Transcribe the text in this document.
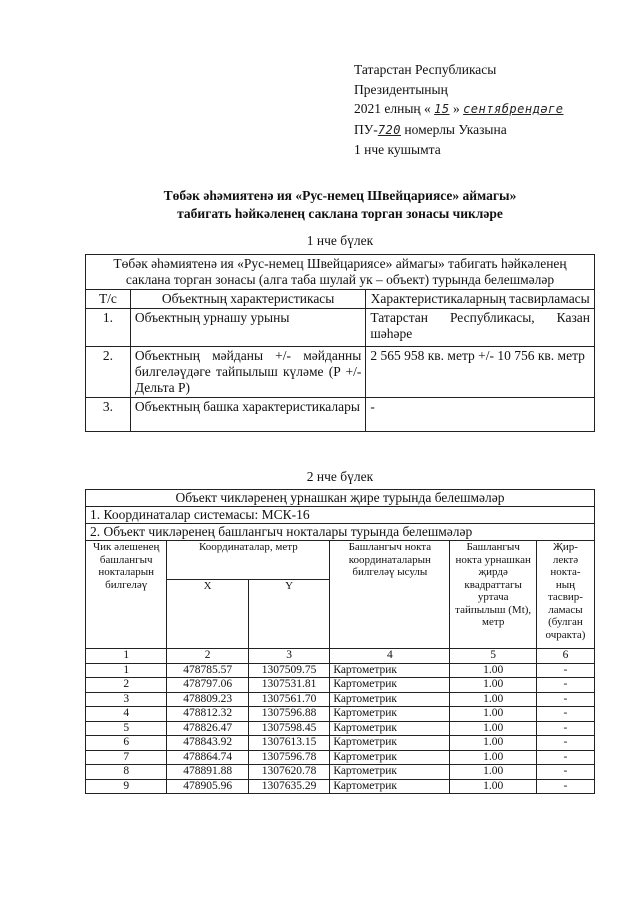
Татарстан Республикасы
Президентының
2021 елның « 15 » сентябрендәге
ПУ-720 номерлы Указына
1 нче кушымта
Төбәк әһәмиятенә ия «Рус-немец Швейцариясе» аймагы»
табигать һәйкәленең саклана торган зонасы чикләре
1 нче бүлек
Төбәк әһәмиятенә ия «Рус-немец Швейцариясе» аймагы» табигать һәйкәленең саклана торган зонасы (алга таба шулай ук – объект) турында белешмәләр		
Т/с	Объектның характеристикасы	Характеристикаларның тасвирламасы
1.	Объектның урнашу урыны	Татарстан Республикасы, Казан шәһәре
2.	Объектның мәйданы +/- мәйданны билгеләүдәге тайпылыш күләме (P +/- Дельта P)	2 565 958 кв. метр +/- 10 756 кв. метр
3.	Объектның башка характеристикалары	-
2 нче бүлек
Объект чикләренең урнашкан җире турында белешмәләр					
1. Координаталар системасы: МСК-16					
2. Объект чикләренең башлангыч нокталары турында белешмәләр					
Чик әлешенең башлангыч нокталарын билгеләү	Координаталар, метр		Башлангыч нокта координаталарын билгеләү ысулы	Башлангыч нокта урнашкан җирдә квадраттагы уртача тайпылыш (Mt), метр	Җир-лектә нокта-ның тасвир-ламасы (булган очракта)
	X	Y			
1	2	3	4	5	6
1	478785.57	1307509.75	Картометрик	1.00	-
2	478797.06	1307531.81	Картометрик	1.00	-
3	478809.23	1307561.70	Картометрик	1.00	-
4	478812.32	1307596.88	Картометрик	1.00	-
5	478826.47	1307598.45	Картометрик	1.00	-
6	478843.92	1307613.15	Картометрик	1.00	-
7	478864.74	1307596.78	Картометрик	1.00	-
8	478891.88	1307620.78	Картометрик	1.00	-
9	478905.96	1307635.29	Картометрик	1.00	-
